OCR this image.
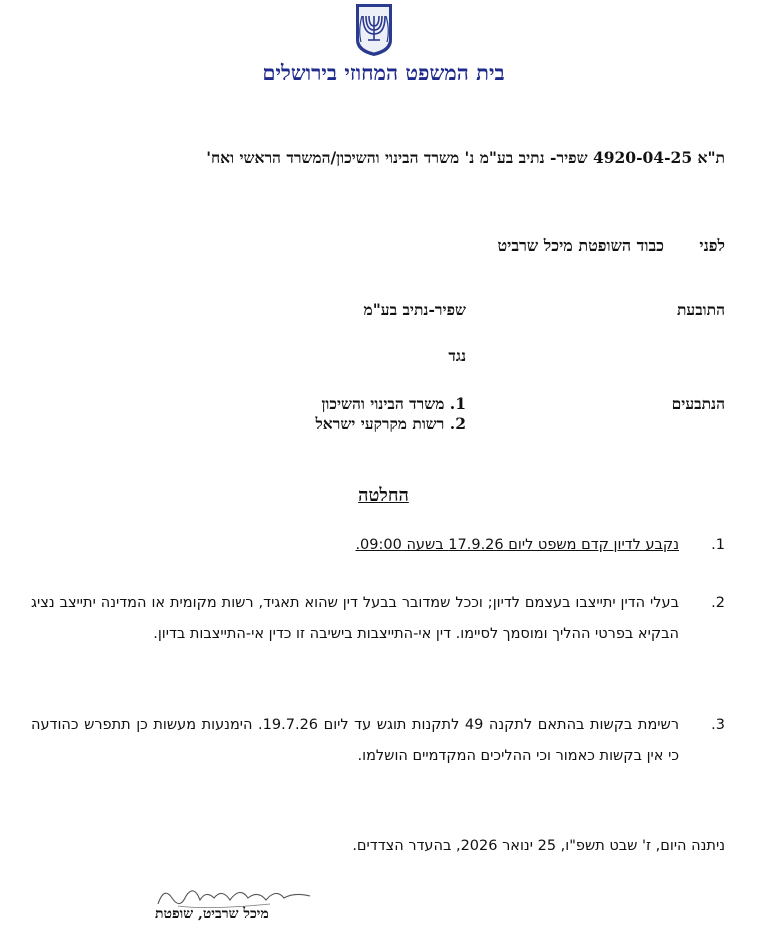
בית המשפט המחוזי בירושלים
ת"א 4920-04-25 שפיר- נתיב בע"מ נ' משרד הבינוי והשיכון/המשרד הראשי ואח'
לפני
כבוד השופטת מיכל שרביט
התובעת
שפיר-נתיב בע"מ
נגד
הנתבעים
1. משרד הבינוי והשיכון
2. רשות מקרקעי ישראל
החלטה
1.
נקבע לדיון קדם משפט ליום 17.9.26 בשעה 09:00.
2.
בעלי הדין יתייצבו בעצמם לדיון; וככל שמדובר בבעל דין שהוא תאגיד, רשות מקומית או המדינה יתייצב נציג הבקיא בפרטי ההליך ומוסמך לסיימו. דין אי-התייצבות בישיבה זו כדין אי-התייצבות בדיון.
3.
רשימת בקשות בהתאם לתקנה 49 לתקנות תוגש עד ליום 19.7.26. הימנעות מעשות כן תתפרש כהודעה כי אין בקשות כאמור וכי ההליכים המקדמיים הושלמו.
ניתנה היום, ז' שבט תשפ"ו, 25 ינואר 2026, בהעדר הצדדים.
מיכל שרביט, שופטת
